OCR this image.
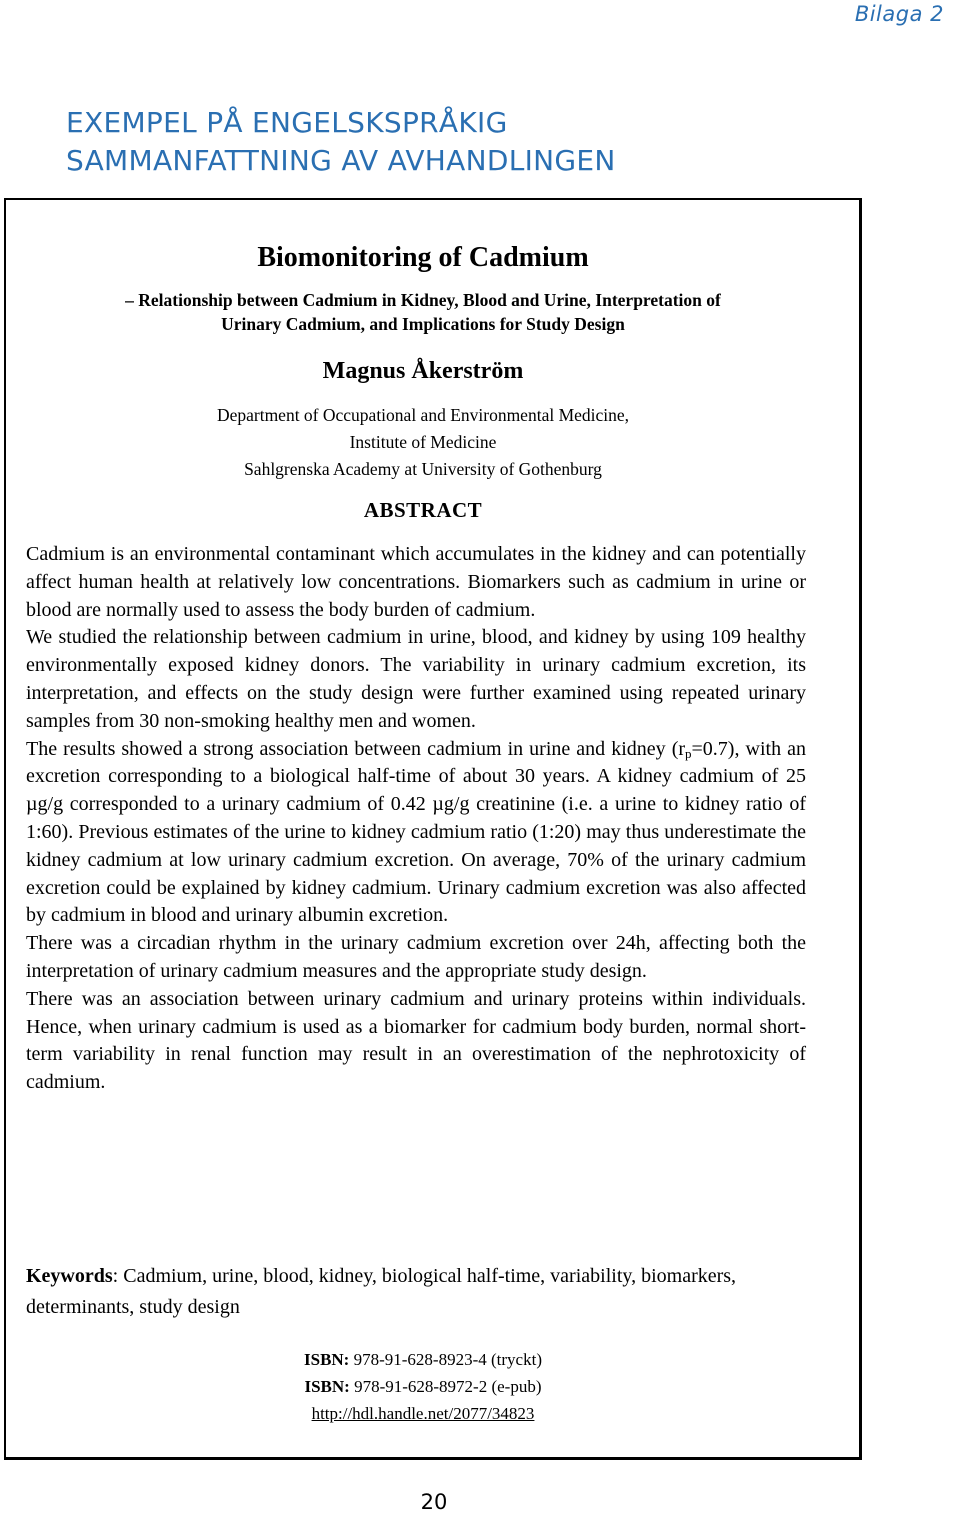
Bilaga 2
EXEMPEL PÅ ENGELSKSPRÅKIG
SAMMANFATTNING AV AVHANDLINGEN
Biomonitoring of Cadmium
– Relationship between Cadmium in Kidney, Blood and Urine, Interpretation of
Urinary Cadmium, and Implications for Study Design
Magnus Åkerström
Department of Occupational and Environmental Medicine,
Institute of Medicine
Sahlgrenska Academy at University of Gothenburg
ABSTRACT

Cadmium is an environmental contaminant which accumulates in the kidney and can potentially affect human health at relatively low concentrations. Biomarkers such as cadmium in urine or blood are normally used to assess the body burden of cadmium.

We studied the relationship between cadmium in urine, blood, and kidney by using 109 healthy environmentally exposed kidney donors. The variability in urinary cadmium excretion, its interpretation, and effects on the study design were further examined using repeated urinary samples from 30 non-smoking healthy men and women.

The results showed a strong association between cadmium in urine and kidney $(r_p=0.7)$, with an excretion corresponding to a biological half-time of about 30 years. A kidney cadmium of 25 µg/g corresponded to a urinary cadmium of 0.42 µg/g creatinine (i.e. a urine to kidney ratio of 1:60). Previous estimates of the urine to kidney cadmium ratio (1:20) may thus underestimate the kidney cadmium at low urinary cadmium excretion. On average, 70% of the urinary cadmium excretion could be explained by kidney cadmium. Urinary cadmium excretion was also affected by cadmium in blood and urinary albumin excretion.

There was a circadian rhythm in the urinary cadmium excretion over 24h, affecting both the interpretation of urinary cadmium measures and the appropriate study design.

There was an association between urinary cadmium and urinary proteins within individuals. Hence, when urinary cadmium is used as a biomarker for cadmium body burden, normal short-term variability in renal function may result in an overestimation of the nephrotoxicity of cadmium.

Keywords: Cadmium, urine, blood, kidney, biological half-time, variability, biomarkers, determinants, study design
ISBN: 978-91-628-8923-4 (tryckt)
ISBN: 978-91-628-8972-2 (e-pub)
http://hdl.handle.net/2077/34823
20
